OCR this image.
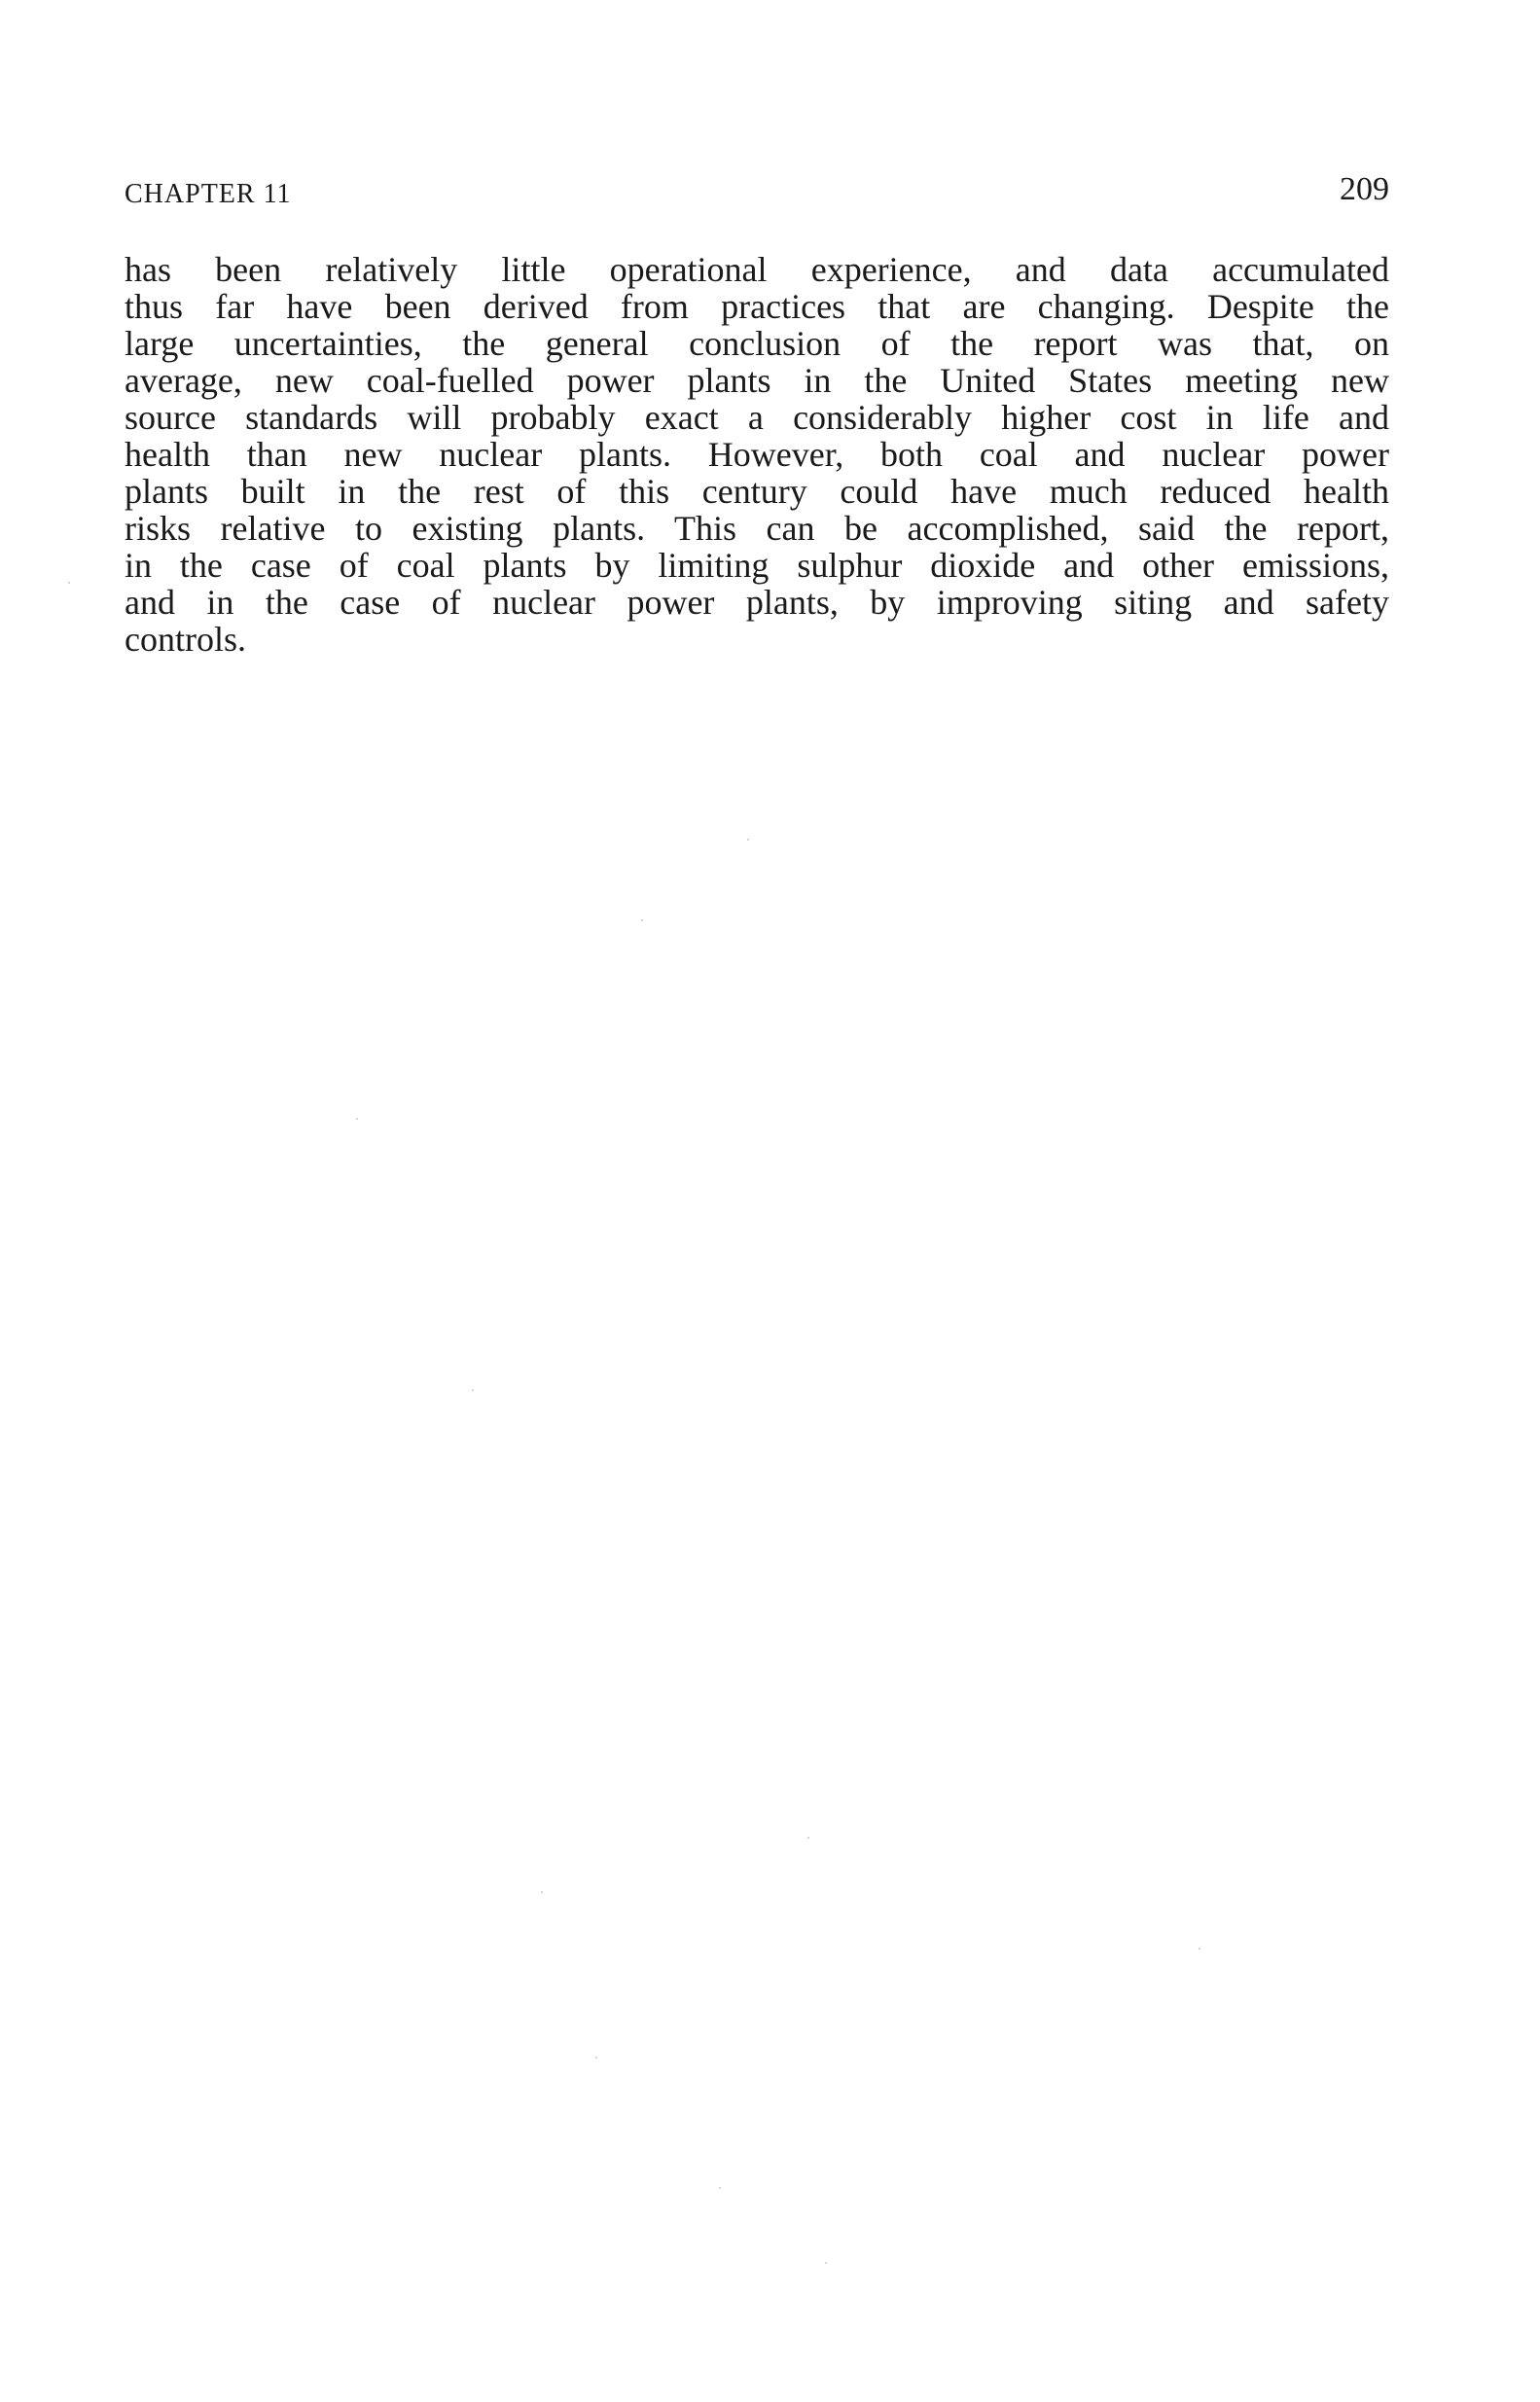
CHAPTER 11	209
has been relatively little operational experience, and data accumulated
thus far have been derived from practices that are changing. Despite the
large uncertainties, the general conclusion of the report was that, on
average, new coal-fuelled power plants in the United States meeting new
source standards will probably exact a considerably higher cost in life and
health than new nuclear plants. However, both coal and nuclear power
plants built in the rest of this century could have much reduced health
risks relative to existing plants. This can be accomplished, said the report,
in the case of coal plants by limiting sulphur dioxide and other emissions,
and in the case of nuclear power plants, by improving siting and safety
controls.
